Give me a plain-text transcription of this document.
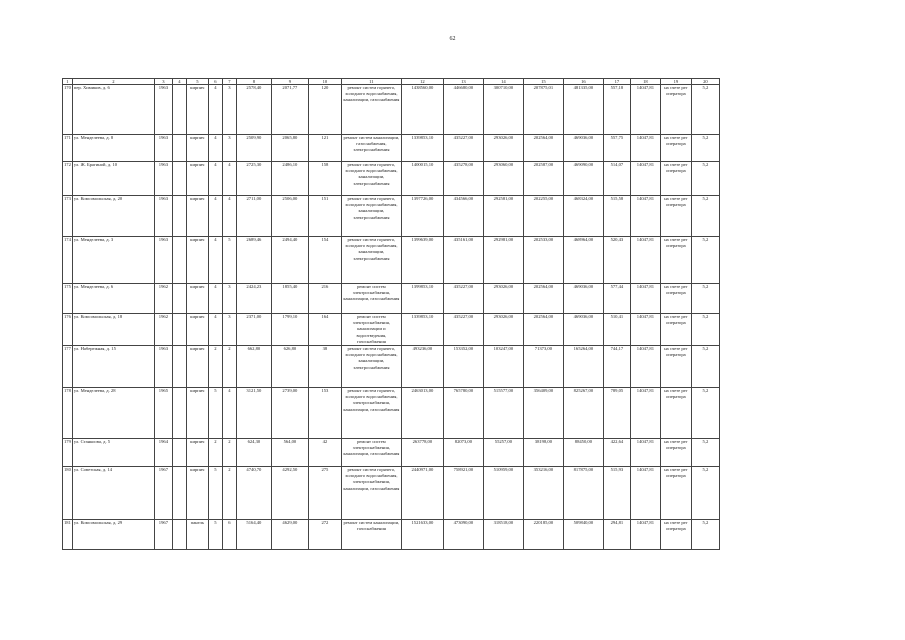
62
1	2	3	4	5	6	7	8	9	10	11	12	13	14	15	16	17	18	19	20
170	пер. Химиков, д. 6	1963		кирпич	4	3	2578,40	2071,77	120	ремонт систем горячего, холодного водоснабжения, канализации, газоснабжения	1438560,00	446680,00	300710,00	207875,01	481335,00	557,18	14047,81	на счете рег оператора	5,2
171	ул. Менделеева, д. 8	1963		кирпич	4	3	2509,90	2065,80	121	ремонт систем канализации, газоснабжения, электроснабжения	1339853,10	435227,00	293026,00	202564,00	469036,00	557,75	14047,81	на счете рег оператора	5,2
172	ул. Ж. Брагиной, д. 10	1963		кирпич	4	4	2725,30	2486,10	158	ремонт систем горячего, холодного водоснабжения, канализации, электроснабжения	1400015,10	435278,00	293060,00	202587,00	469090,00	514,07	14047,81	на счете рег оператора	5,2
173	ул. Комсомольская, д. 20	1963		кирпич	4	4	2711,00	2506,00	151	ремонт систем горячего, холодного водоснабжения, канализации, электроснабжения	1397726,00	434566,00	292581,00	202255,00	468324,00	515,58	14047,81	на счете рег оператора	5,2
174	ул. Менделеева, д. 3	1963		кирпич	4	5	2689,46	2494,40	154	ремонт систем горячего, холодного водоснабжения, канализации, электроснабжения	1399639,00	435161,00	292981,00	202533,00	468964,00	520,43	14047,81	на счете рег оператора	5,2
175	ул. Менделеева, д. 6	1962		кирпич	4	3	2424,23	1855,40	216	ремонт систем электроснабжения, канализации, газоснабжения	1399853,10	435227,00	293026,00	202564,00	469036,00	577,44	14047,81	на счете рег оператора	5,2
176	ул. Комсомольская, д. 18	1962		кирпич	4	3	2371,00	1799,10	164	ремонт систем электроснабжения, канализации и водоотведения, газоснабжения	1339853,10	435227,00	293026,00	202564,00	469036,00	510,41	14047,81	на счете рег оператора	5,2
177	ул. Набережная, д. 15	1963		кирпич	2	2	662,80	626,80	38	ремонт систем горячего, холодного водоснабжения, канализации, электроснабжения	493236,00	153352,00	103247,00	71373,00	165264,00	744,17	14047,81	на счете рег оператора	5,2
178	ул. Менделеева, д. 28	1965		кирпич	5	4	3121,50	2739,00	153	ремонт систем горячего, холодного водоснабжения, электроснабжения, канализации, газоснабжения	2463013,00	765780,00	515577,00	356409,00	825267,00	789,05	14047,81	на счете рег оператора	5,2
179	ул. Станкоова, д. 5	1964		кирпич	2	2	624,30	564,00	42	ремонт систем электроснабжения, канализации, газоснабжения	263778,00	82073,00	55257,00	38198,00	88450,00	422,64	14047,81	на счете рег оператора	5,2
180	ул. Советская, д. 14	1967		кирпич	5	2	4740,70	4292,50	275	ремонт систем горячего, холодного водоснабжения, электроснабжения, канализации, газоснабжения	2440971,00	758921,00	510959,00	353216,00	817875,00	515,93	14047,81	на счете рег оператора	5,2
181	ул. Комсомольская, д. 29	1967		панель	5	6	5164,40	4629,00	272	ремонт систем канализации, газоснабжения	1521633,00	473090,00	318518,00	220185,00	509840,00	294,81	14047,81	на счете рег оператора	5,2
